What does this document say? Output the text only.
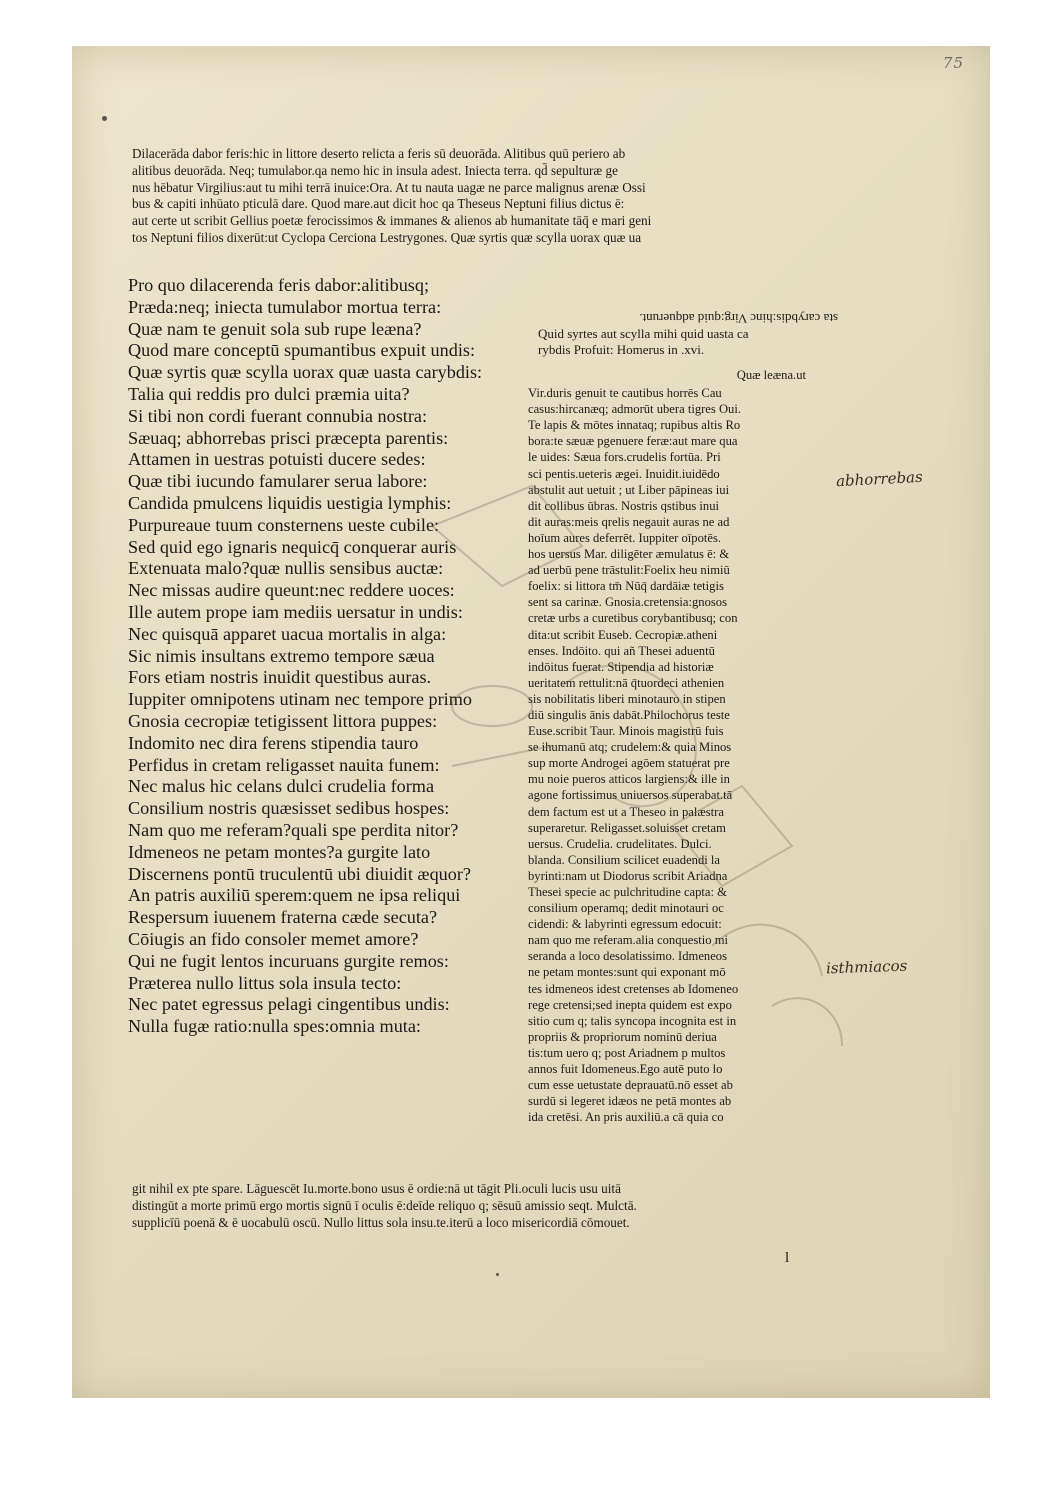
75
Dilacerāda dabor feris:hic in littore deserto relicta a feris sū deuorāda. Alitibus quū periero ab
alitibus deuorāda. Neq; tumulabor.qa nemo hic in insula adest. Iniecta terra. qd̄ sepulturæ ge
nus hēbatur Virgilius:aut tu mihi terrā inuice:Ora. At tu nauta uagæ ne parce malignus arenæ Ossi
bus & capiti inhūato pticulā dare. Quod mare.aut dicit hoc qa Theseus Neptuni filius dictus ē:
aut certe ut scribit Gellius poetæ ferocissimos & immanes & alienos ab humanitate tāq̄ e mari geni
tos Neptuni filios dixerūt:ut Cyclopa Cerciona Lestrygones. Quæ syrtis quæ scylla uorax quæ ua
sta carybdis:hinc Virg:quid adquerunt.
Quid syrtes aut scylla mihi quid uasta ca
rybdis Profuit: Homerus in .xvi.
Pro quo dilacerenda feris dabor:alitibusq;
Præda:neq; iniecta tumulabor mortua terra:
Quæ nam te genuit sola sub rupe leæna?
Quod mare conceptū spumantibus expuit undis:
Quæ syrtis quæ scylla uorax quæ uasta carybdis:
Talia qui reddis pro dulci præmia uita?
Si tibi non cordi fuerant connubia nostra:
Sæuaq; abhorrebas prisci præcepta parentis:
Attamen in uestras potuisti ducere sedes:
Quæ tibi iucundo famularer serua labore:
Candida pmulcens liquidis uestigia lymphis:
Purpureaue tuum consternens ueste cubile:
Sed quid ego ignaris nequicq̄ conquerar auris
Extenuata malo?quæ nullis sensibus auctæ:
Nec missas audire queunt:nec reddere uoces:
Ille autem prope iam mediis uersatur in undis:
Nec quisquā apparet uacua mortalis in alga:
Sic nimis insultans extremo tempore sæua
Fors etiam nostris inuidit questibus auras.
Iuppiter omnipotens utinam nec tempore primo
Gnosia cecropiæ tetigissent littora puppes:
Indomito nec dira ferens stipendia tauro
Perfidus in cretam religasset nauita funem:
Nec malus hic celans dulci crudelia forma
Consilium nostris quæsisset sedibus hospes:
Nam quo me referam?quali spe perdita nitor?
Idmeneos ne petam montes?a gurgite lato
Discernens pontū truculentū ubi diuidit æquor?
An patris auxiliū sperem:quem ne ipsa reliqui
Respersum iuuenem fraterna cæde secuta?
Cōiugis an fido consoler memet amore?
Qui ne fugit lentos incuruans gurgite remos:
Præterea nullo littus sola insula tecto:
Nec patet egressus pelagi cingentibus undis:
Nulla fugæ ratio:nulla spes:omnia muta:
Quæ leæna.ut
Vir.duris genuit te cautibus horrēs Cau
casus:hircanæq; admorūt ubera tigres Oui.
Te lapis & mōtes innataq; rupibus altis Ro
bora:te sæuæ pgenuere feræ:aut mare qua
le uides: Sæua fors.crudelis fortūa. Pri
sci pentis.ueteris ægei. Inuidit.iuidēdo
abstulit aut uetuit ; ut Liber pāpineas iui
dit collibus ūbras. Nostris qstibus inui
dit auras:meis qrelis negauit auras ne ad
hoīum aures deferrēt. Iuppiter oīpotēs.
hos uersus Mar. diligēter æmulatus ē: &
ad uerbū pene trāstulit:Foelix heu nimiū
foelix: si littora tm̄ Nūq̄ dardāiæ tetigis
sent sa carinæ. Gnosia.cretensia:gnosos
cretæ urbs a curetibus corybantibusq; con
dita:ut scribit Euseb. Cecropiæ.atheni
enses. Indōito. qui añ Thesei aduentū
indōitus fuerat. Stipendia ad historiæ
ueritatem rettulit:nā q̄tuordeci athenien
sis nobilitatis liberi minotauro in stipen
diū singulis ānis dabāt.Philochorus teste
Euse.scribit Taur. Minois magistrū fuis
se ihumanū atq; crudelem:& quia Minos
sup morte Androgei agōem statuerat pre
mu noie pueros atticos largiens:& ille in
agone fortissimus uniuersos superabat.tā
dem factum est ut a Theseo in palæstra
superaretur. Religasset.soluisset cretam
uersus. Crudelia. crudelitates. Dulci.
blanda. Consilium scilicet euadendi la
byrinti:nam ut Diodorus scribit Ariadna
Thesei specie ac pulchritudine capta: &
consilium operamq; dedit minotauri oc
cidendi: & labyrinti egressum edocuit:
nam quo me referam.alia conquestio mi
seranda a loco desolatissimo. Idmeneos
ne petam montes:sunt qui exponant mō
tes idmeneos idest cretenses ab Idomeneo
rege cretensi;sed inepta quidem est expo
sitio cum q; talis syncopa incognita est in
propriis & propriorum nominū deriua
tis:tum uero q; post Ariadnem p multos
annos fuit Idomeneus.Ego autē puto lo
cum esse uetustate deprauatū.nō esset ab
surdū si legeret idæos ne petā montes ab
ida cretēsi. An pris auxiliū.a cā quia co
git nihil ex pte spare. Lāguescēt Iu.morte.bono usus ē ordie:nā ut tāgit Pli.oculi lucis usu uitā
distingūt a morte primū ergo mortis signū ī oculis ē:deīde reliquo q; sēsuū amissio seqt. Mulctā.
supplicīū poenā & ē uocabulū oscū. Nullo littus sola insu.te.iterū a loco misericordiā cōmouet.
l
abhorrebas
isthmiacos
